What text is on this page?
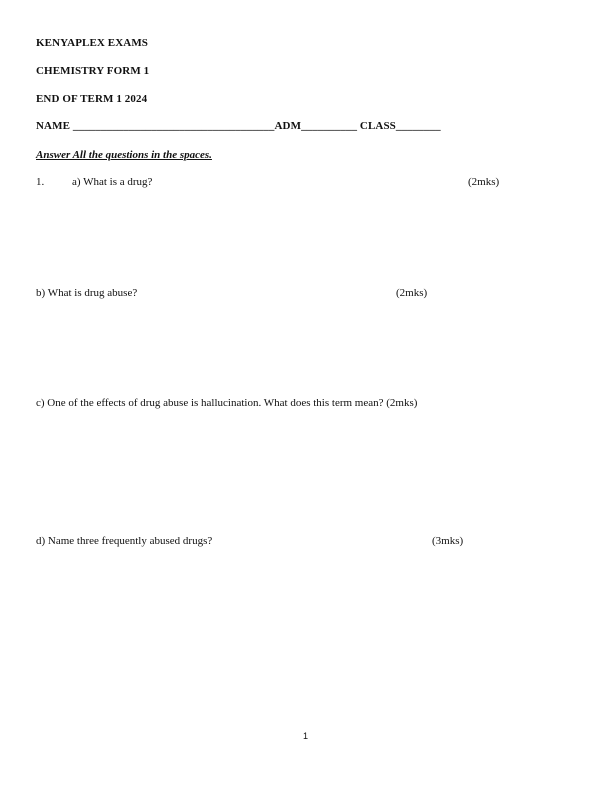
KENYAPLEX EXAMS
CHEMISTRY FORM 1
END OF TERM 1 2024
NAME ____________________________________ADM__________ CLASS________
Answer All the questions in the spaces.
1.	a) What is a drug?	(2mks)
b) What is drug abuse?	(2mks)
c) One of the effects of drug abuse is hallucination. What does this term mean? (2mks)
d) Name three frequently abused drugs?	(3mks)
1
